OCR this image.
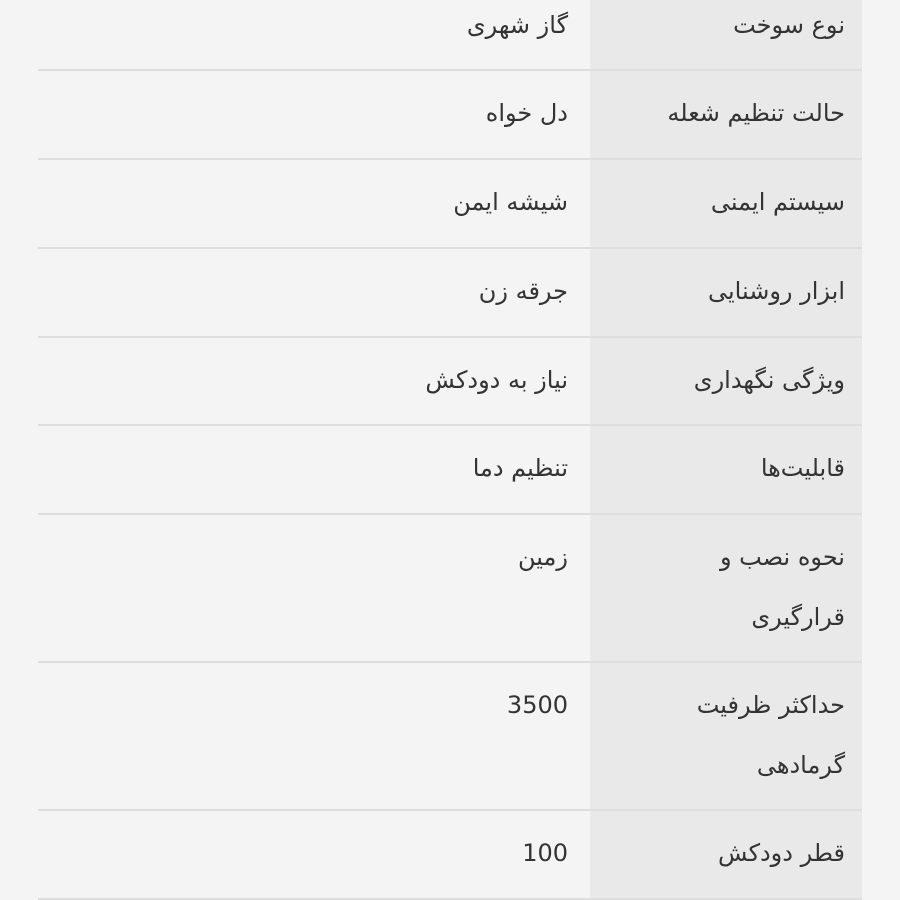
نوع سوخت
گاز شهری
حالت تنظیم شعله
دل خواه
سیستم ایمنی
شیشه ایمن
ابزار روشنایی
جرقه زن
ویژگی نگهداری
نیاز به دودکش
قابلیت‌ها
تنظیم دما
نحوه نصب و قرارگیری
زمین
حداکثر ظرفیت گرمادهی
3500
قطر دودکش
100
